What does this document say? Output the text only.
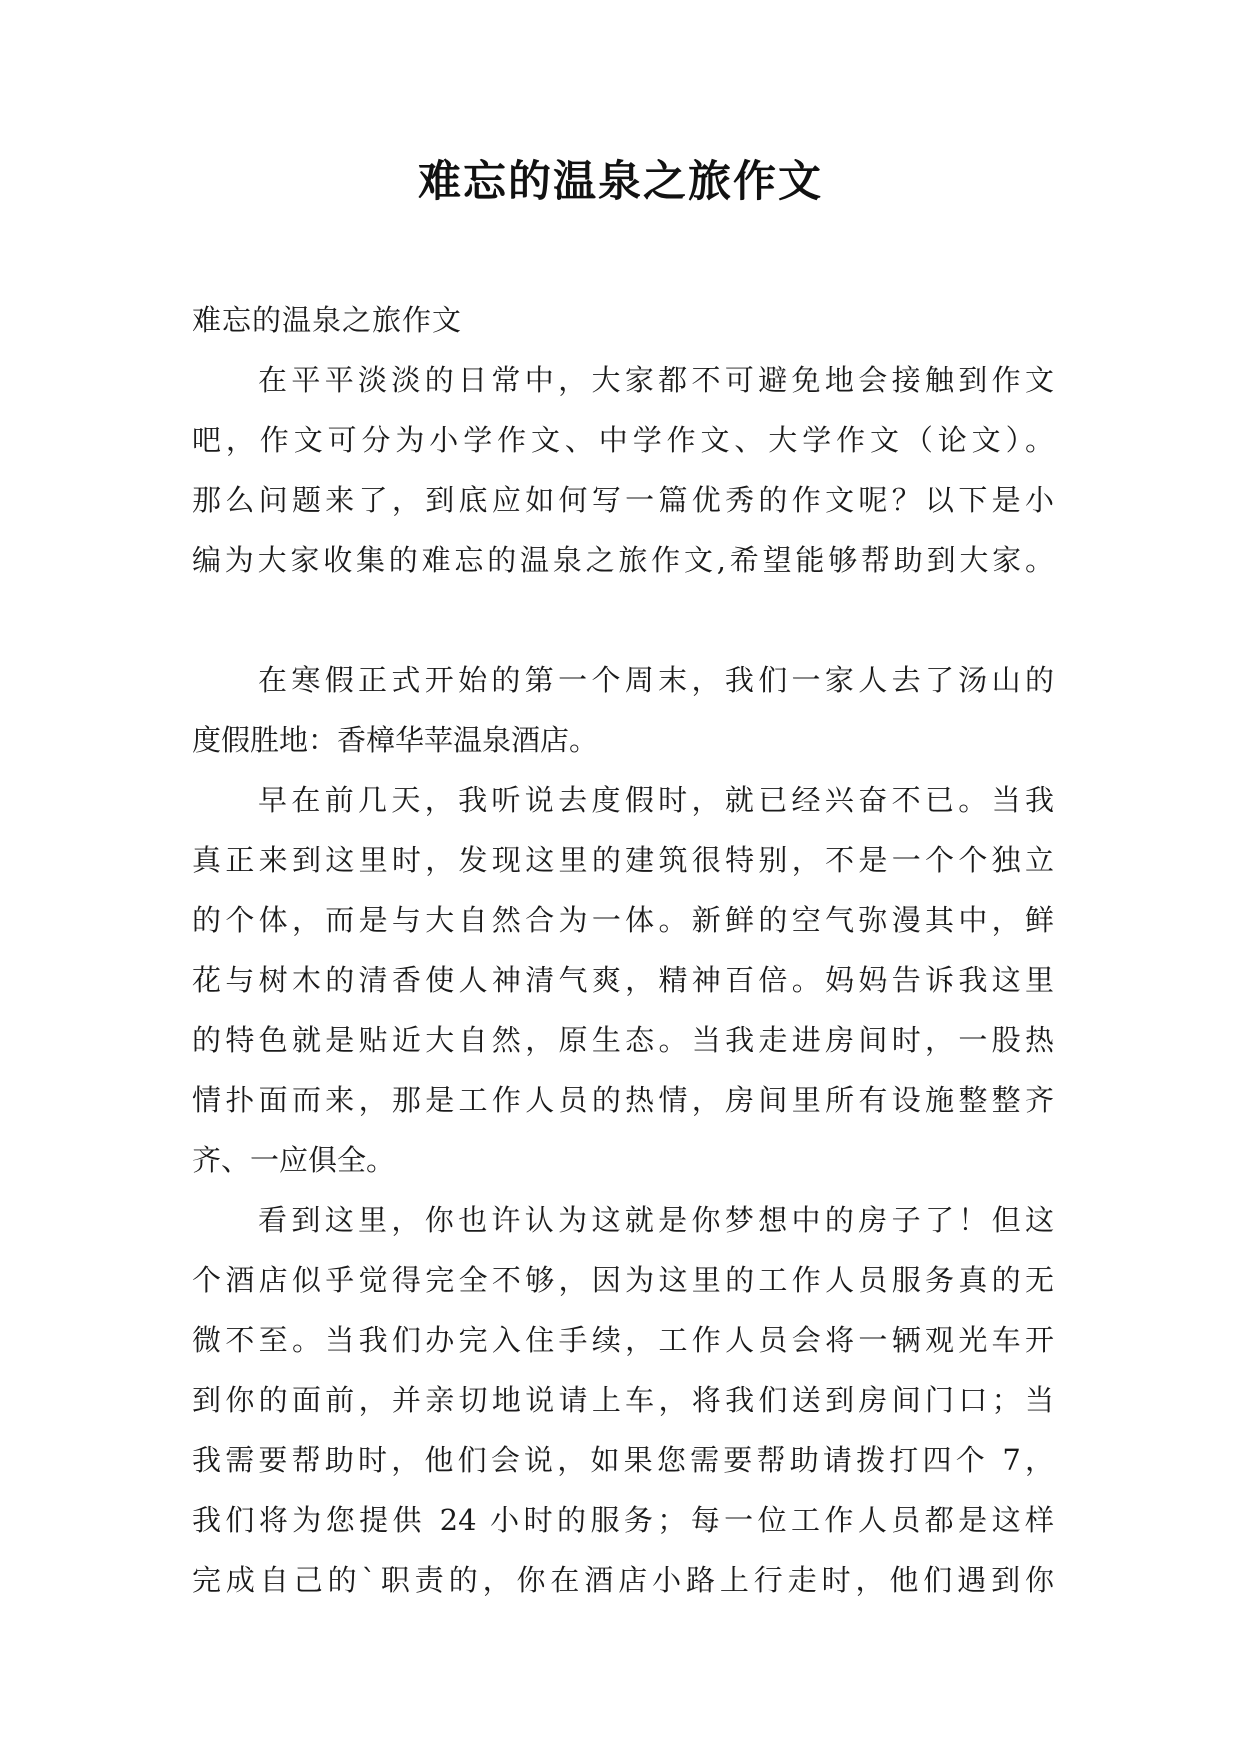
难忘的温泉之旅作文

难忘的温泉之旅作文

在平平淡淡的日常中，大家都不可避免地会接触到作文
吧，作文可分为小学作文、中学作文、大学作文（论文）。
那么问题来了，到底应如何写一篇优秀的作文呢？以下是小
编为大家收集的难忘的温泉之旅作文,希望能够帮助到大家。

在寒假正式开始的第一个周末，我们一家人去了汤山的
度假胜地：香樟华苹温泉酒店。

早在前几天，我听说去度假时，就已经兴奋不已。当我
真正来到这里时，发现这里的建筑很特别，不是一个个独立
的个体，而是与大自然合为一体。新鲜的空气弥漫其中，鲜
花与树木的清香使人神清气爽，精神百倍。妈妈告诉我这里
的特色就是贴近大自然，原生态。当我走进房间时，一股热
情扑面而来，那是工作人员的热情，房间里所有设施整整齐
齐、一应俱全。

看到这里，你也许认为这就是你梦想中的房子了！但这
个酒店似乎觉得完全不够，因为这里的工作人员服务真的无
微不至。当我们办完入住手续，工作人员会将一辆观光车开
到你的面前，并亲切地说请上车，将我们送到房间门口；当
我需要帮助时，他们会说，如果您需要帮助请拨打四个 7，
我们将为您提供 24 小时的服务；每一位工作人员都是这样
完成自己的`职责的，你在酒店小路上行走时，他们遇到你
